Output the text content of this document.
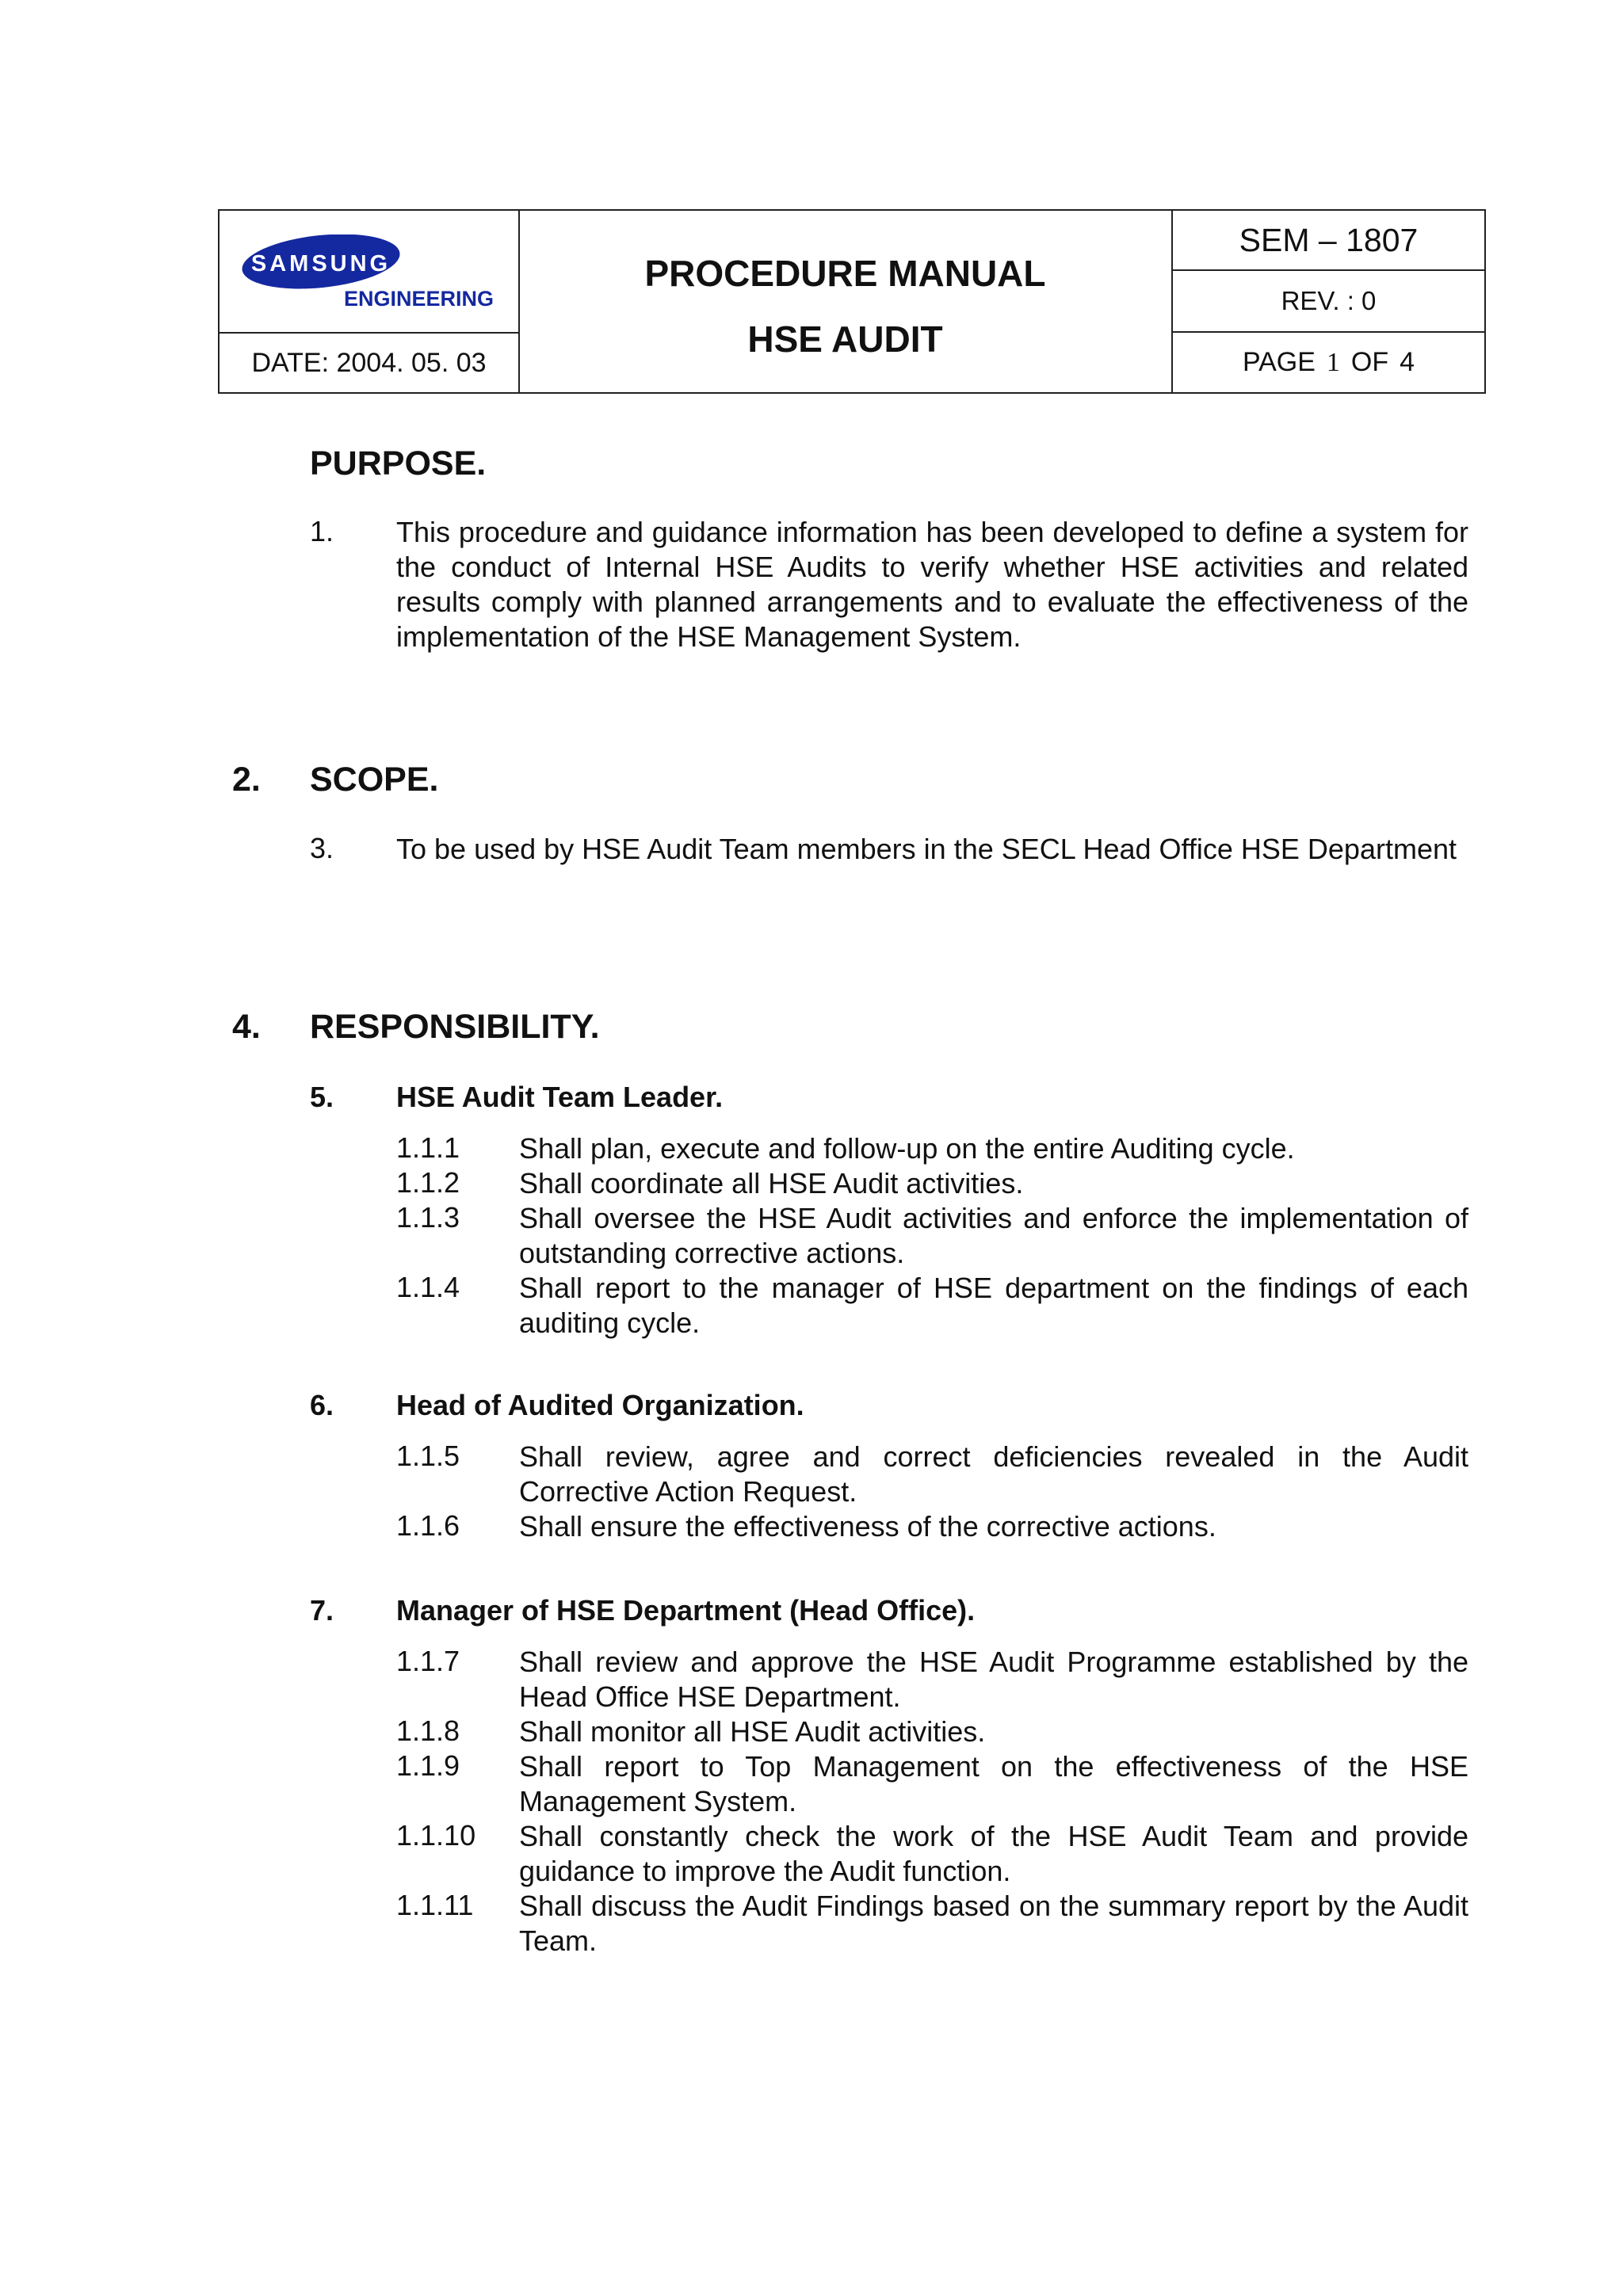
SAMSUNG
ENGINEERING
DATE: 2004. 05. 03
PROCEDURE MANUAL
HSE AUDIT
SEM – 1807
REV. : 0
PAGE 1 OF 4
PURPOSE.
1. This procedure and guidance information has been developed to define a system for the conduct of Internal HSE Audits to verify whether HSE activities and related results comply with planned arrangements and to evaluate the effectiveness of the implementation of the HSE Management System.
2. SCOPE.
3. To be used by HSE Audit Team members in the SECL Head Office HSE Department
4. RESPONSIBILITY.
5. HSE Audit Team Leader.
1.1.1 Shall plan, execute and follow-up on the entire Auditing cycle.
1.1.2 Shall coordinate all HSE Audit activities.
1.1.3 Shall oversee the HSE Audit activities and enforce the implementation of outstanding corrective actions.
1.1.4 Shall report to the manager of HSE department on the findings of each auditing cycle.
6. Head of Audited Organization.
1.1.5 Shall review, agree and correct deficiencies revealed in the Audit Corrective Action Request.
1.1.6 Shall ensure the effectiveness of the corrective actions.
7. Manager of HSE Department (Head Office).
1.1.7 Shall review and approve the HSE Audit Programme established by the Head Office HSE Department.
1.1.8 Shall monitor all HSE Audit activities.
1.1.9 Shall report to Top Management on the effectiveness of the HSE Management System.
1.1.10 Shall constantly check the work of the HSE Audit Team and provide guidance to improve the Audit function.
1.1.11 Shall discuss the Audit Findings based on the summary report by the Audit Team.
